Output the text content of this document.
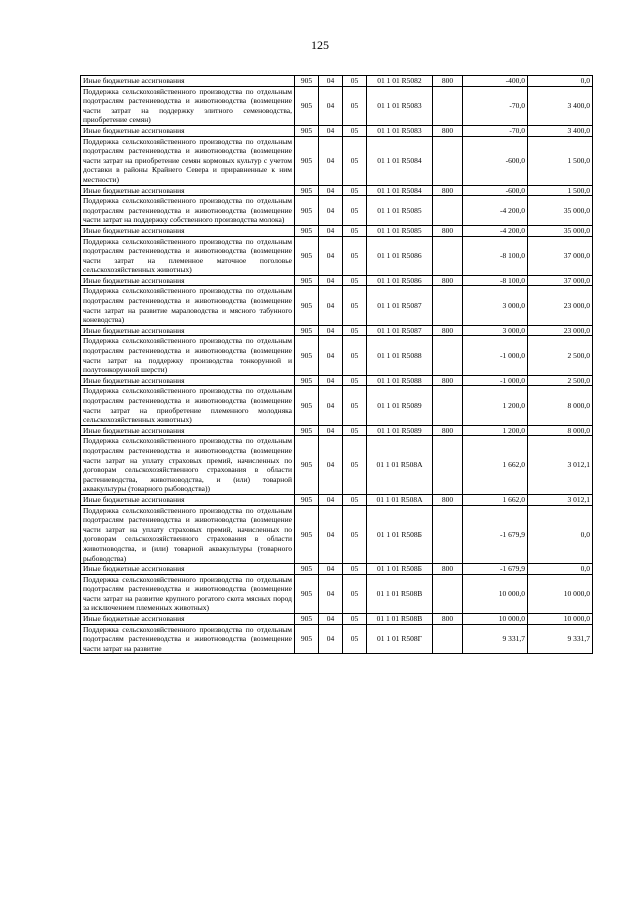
125
Иные бюджетные ассигнования	905	04	05	01 1 01 R5082	800	-400,0	0,0
Поддержка сельскохозяйственного производства по отдельным подотраслям растениеводства и животноводства (возмещение части затрат на поддержку элитного семеноводства, приобретение семян)	905	04	05	01 1 01 R5083		-70,0	3 400,0
Иные бюджетные ассигнования	905	04	05	01 1 01 R5083	800	-70,0	3 400,0
Поддержка сельскохозяйственного производства по отдельным подотраслям растениеводства и животноводства (возмещение части затрат на приобретение семян кормовых культур с учетом доставки в районы Крайнего Севера и приравненные к ним местности)	905	04	05	01 1 01 R5084		-600,0	1 500,0
Иные бюджетные ассигнования	905	04	05	01 1 01 R5084	800	-600,0	1 500,0
Поддержка сельскохозяйственного производства по отдельным подотраслям растениеводства и животноводства (возмещение части затрат на поддержку собственного производства молока)	905	04	05	01 1 01 R5085		-4 200,0	35 000,0
Иные бюджетные ассигнования	905	04	05	01 1 01 R5085	800	-4 200,0	35 000,0
Поддержка сельскохозяйственного производства по отдельным подотраслям растениеводства и животноводства (возмещение части затрат на племенное маточное поголовье сельскохозяйственных животных)	905	04	05	01 1 01 R5086		-8 100,0	37 000,0
Иные бюджетные ассигнования	905	04	05	01 1 01 R5086	800	-8 100,0	37 000,0
Поддержка сельскохозяйственного производства по отдельным подотраслям растениеводства и животноводства (возмещение части затрат на развитие мараловодства и мясного табунного коневодства)	905	04	05	01 1 01 R5087		3 000,0	23 000,0
Иные бюджетные ассигнования	905	04	05	01 1 01 R5087	800	3 000,0	23 000,0
Поддержка сельскохозяйственного производства по отдельным подотраслям растениеводства и животноводства (возмещение части затрат на поддержку производства тонкорунной и полутонкорунной шерсти)	905	04	05	01 1 01 R5088		-1 000,0	2 500,0
Иные бюджетные ассигнования	905	04	05	01 1 01 R5088	800	-1 000,0	2 500,0
Поддержка сельскохозяйственного производства по отдельным подотраслям растениеводства и животноводства (возмещение части затрат на приобретение племенного молодняка сельскохозяйственных животных)	905	04	05	01 1 01 R5089		1 200,0	8 000,0
Иные бюджетные ассигнования	905	04	05	01 1 01 R5089	800	1 200,0	8 000,0
Поддержка сельскохозяйственного производства по отдельным подотраслям растениеводства и животноводства (возмещение части затрат на уплату страховых премий, начисленных по договорам сельскохозяйственного страхования в области растениеводства, животноводства, и (или) товарной аквакультуры (товарного рыбоводства))	905	04	05	01 1 01 R508А		1 662,0	3 012,1
Иные бюджетные ассигнования	905	04	05	01 1 01 R508А	800	1 662,0	3 012,1
Поддержка сельскохозяйственного производства по отдельным подотраслям растениеводства и животноводства (возмещение части затрат на уплату страховых премий, начисленных по договорам сельскохозяйственного страхования в области животноводства, и (или) товарной аквакультуры (товарного рыбоводства)	905	04	05	01 1 01 R508Б		-1 679,9	0,0
Иные бюджетные ассигнования	905	04	05	01 1 01 R508Б	800	-1 679,9	0,0
Поддержка сельскохозяйственного производства по отдельным подотраслям растениеводства и животноводства (возмещение части затрат на развитие крупного рогатого скота мясных пород за исключением племенных животных)	905	04	05	01 1 01 R508В		10 000,0	10 000,0
Иные бюджетные ассигнования	905	04	05	01 1 01 R508В	800	10 000,0	10 000,0
Поддержка сельскохозяйственного производства по отдельным подотраслям растениеводства и животноводства (возмещение части затрат на развитие	905	04	05	01 1 01 R508Г		9 331,7	9 331,7
